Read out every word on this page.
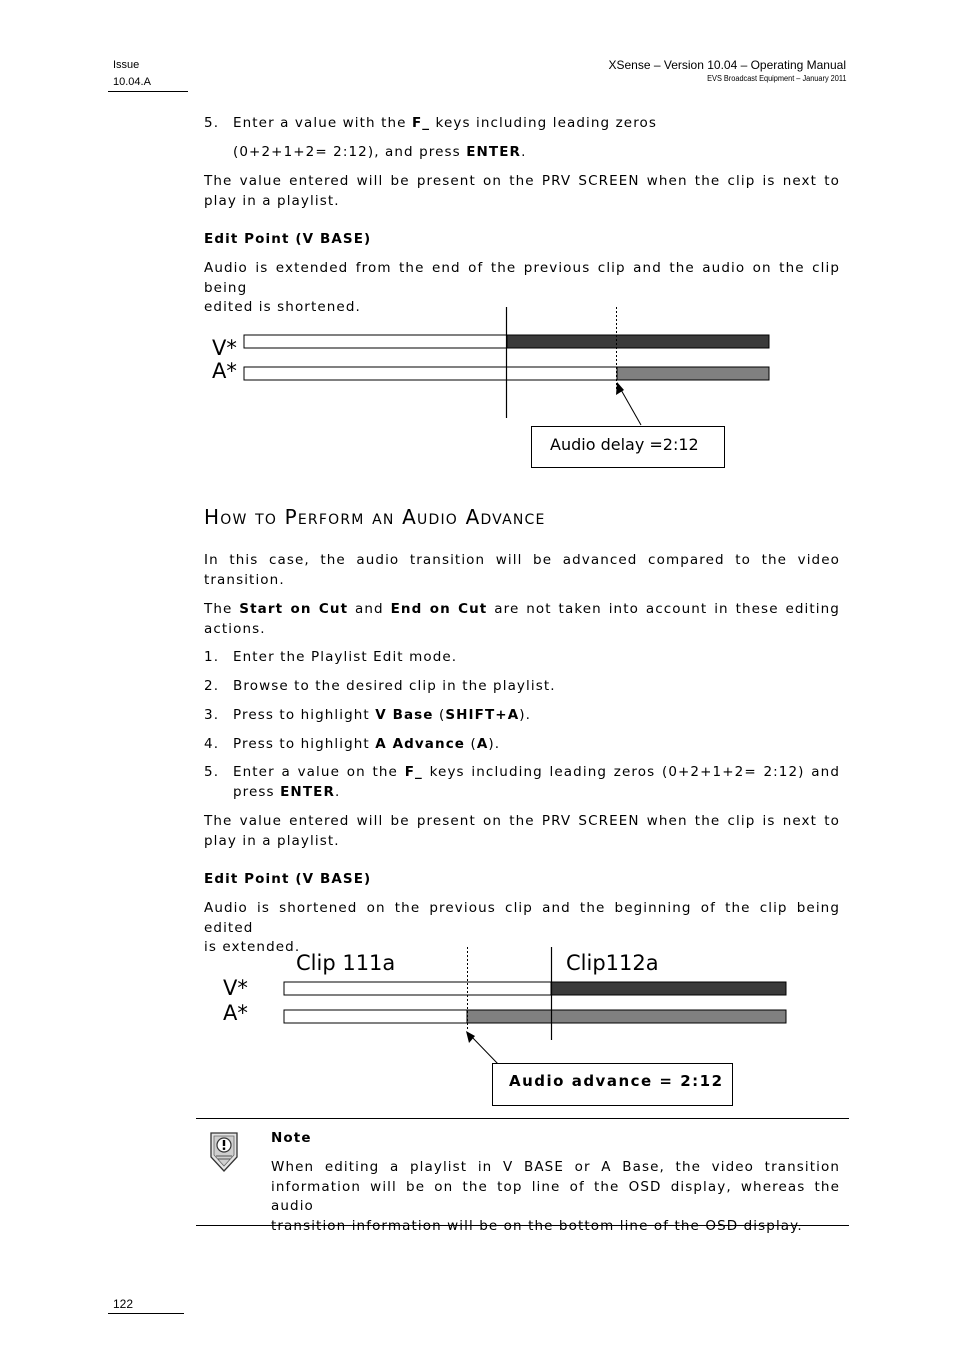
Issue
10.04.A
XSense – Version 10.04 – Operating Manual
EVS Broadcast Equipment – January 2011
5. Enter a value with the F_ keys including leading zeros
(0+2+1+2= 2:12), and press ENTER.
The value entered will be present on the PRV SCREEN when the clip is next to
play in a playlist.
Edit Point (V BASE)
Audio is extended from the end of the previous clip and the audio on the clip being
edited is shortened.
V*
A*
Audio delay =2:12
How to Perform an Audio Advance
In this case, the audio transition will be advanced compared to the video
transition.
The Start on Cut and End on Cut are not taken into account in these editing
actions.
1. Enter the Playlist Edit mode.
2. Browse to the desired clip in the playlist.
3. Press to highlight V Base (SHIFT+A).
4. Press to highlight A Advance (A).
5. Enter a value on the F_ keys including leading zeros (0+2+1+2= 2:12) and
press ENTER.
The value entered will be present on the PRV SCREEN when the clip is next to
play in a playlist.
Edit Point (V BASE)
Audio is shortened on the previous clip and the beginning of the clip being edited
is extended.
Clip 111a	Clip112a
V*
A*
Audio advance = 2:12
Note
When editing a playlist in V BASE or A Base, the video transition
information will be on the top line of the OSD display, whereas the audio
transition information will be on the bottom line of the OSD display.
122
